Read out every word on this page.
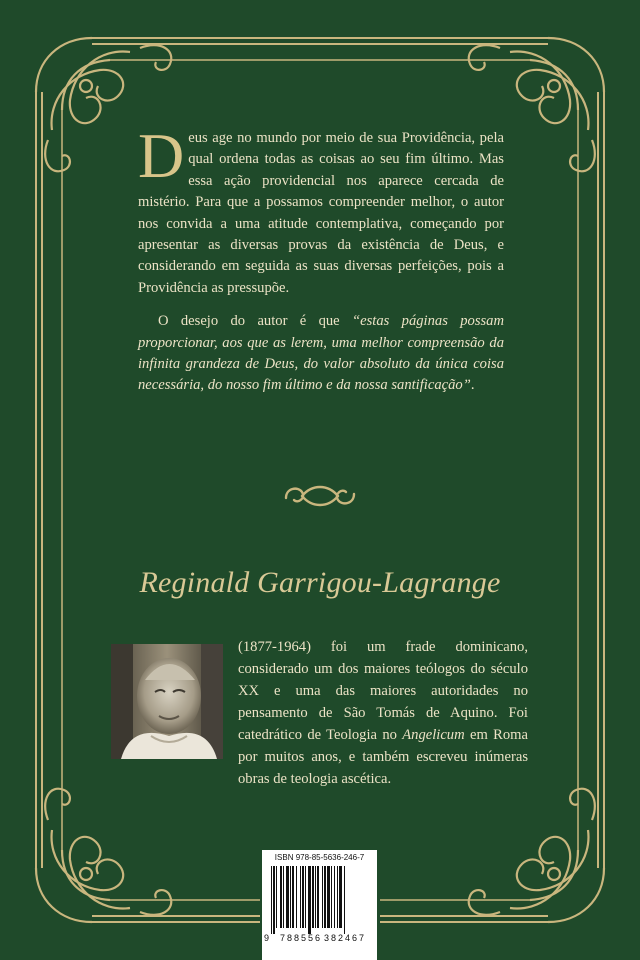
Deus age no mundo por meio de sua Providência, pela qual ordena todas as coisas ao seu fim último. Mas essa ação providencial nos aparece cercada de mistério. Para que a possamos compreender melhor, o autor nos convida a uma atitude contemplativa, começando por apresentar as diversas provas da existência de Deus, e considerando em seguida as suas diversas perfeições, pois a Providência as pressupõe.

O desejo do autor é que “estas páginas possam proporcionar, aos que as lerem, uma melhor compreensão da infinita grandeza de Deus, do valor absoluto da única coisa necessária, do nosso fim último e da nossa santificação”.

Reginald Garrigou-Lagrange
(1877-1964) foi um frade dominicano, considerado um dos maiores teólogos do século XX e uma das maiores autoridades no pensamento de São Tomás de Aquino. Foi catedrático de Teologia no Angelicum em Roma por muitos anos, e também escreveu inúmeras obras de teologia ascética.
ISBN 978-85-5636-246-7
9 788556 382467
